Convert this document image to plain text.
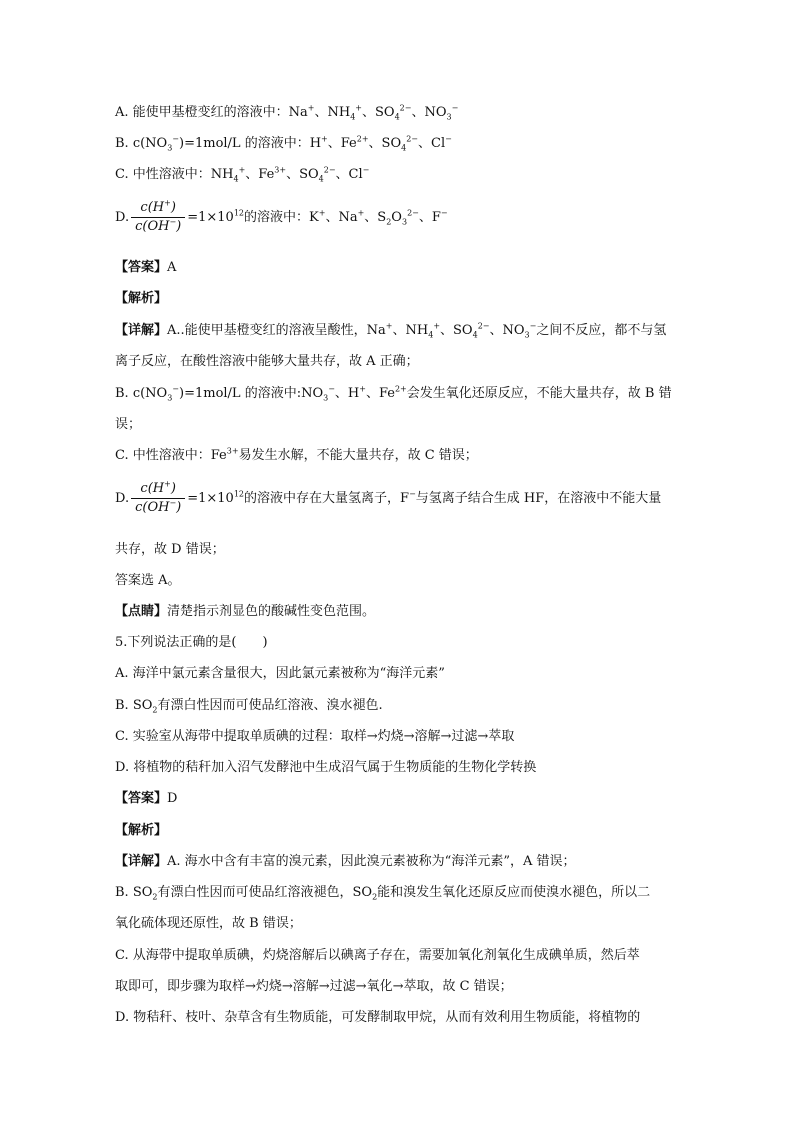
A. 能使甲基橙变红的溶液中：Na+、$NH_4^+$、$SO_4^{2-}$、$NO_3^-$
B. $c(NO_3^-)=1mol/L$ 的溶液中：H+、$Fe^{2+}$、$SO_4^{2-}$、Cl−
C. 中性溶液中：$NH_4^+$、$Fe^{3+}$、$SO_4^{2-}$、Cl−
D. $\frac{c(H^+)}{c(OH^-)} =1\times 10^{12}$的溶液中：K+、Na+、$S_2O_3^{2-}$、F−
【答案】A
【解析】
【详解】A..能使甲基橙变红的溶液呈酸性，Na+、$NH_4^+$、$SO_4^{2-}$、$NO_3^-$之间不反应，都不与氢
离子反应，在酸性溶液中能够大量共存，故 A 正确；
B. $c(NO_3^-)=1mol/L$ 的溶液中$:NO_3^-$、H+、$Fe^{2+}$会发生氧化还原反应，不能大量共存，故 B 错
误；
C. 中性溶液中：$Fe^{3+}$易发生水解，不能大量共存，故 C 错误；
D. $\frac{c(H^+)}{c(OH^-)} =1\times 10^{12}$的溶液中存在大量氢离子，F−与氢离子结合生成 HF，在溶液中不能大量
共存，故 D 错误；
答案选 A。
【点睛】清楚指示剂显色的酸碱性变色范围。
5.下列说法正确的是(　　)
A. 海洋中氯元素含量很大，因此氯元素被称为“海洋元素”
B. $SO_2$有漂白性因而可使品红溶液、溴水褪色.
C. 实验室从海带中提取单质碘的过程：取样→灼烧→溶解→过滤→萃取
D. 将植物的秸秆加入沼气发酵池中生成沼气属于生物质能的生物化学转换
【答案】D
【解析】
【详解】A. 海水中含有丰富的溴元素，因此溴元素被称为“海洋元素”，A 错误；
B. $SO_2$有漂白性因而可使品红溶液褪色，$SO_2$能和溴发生氧化还原反应而使溴水褪色，所以二
氧化硫体现还原性，故 B 错误；
C. 从海带中提取单质碘，灼烧溶解后以碘离子存在，需要加氧化剂氧化生成碘单质，然后萃
取即可，即步骤为取样→灼烧→溶解→过滤→氧化→萃取，故 C 错误；
D. 物秸秆、枝叶、杂草含有生物质能，可发酵制取甲烷，从而有效利用生物质能，将植物的
